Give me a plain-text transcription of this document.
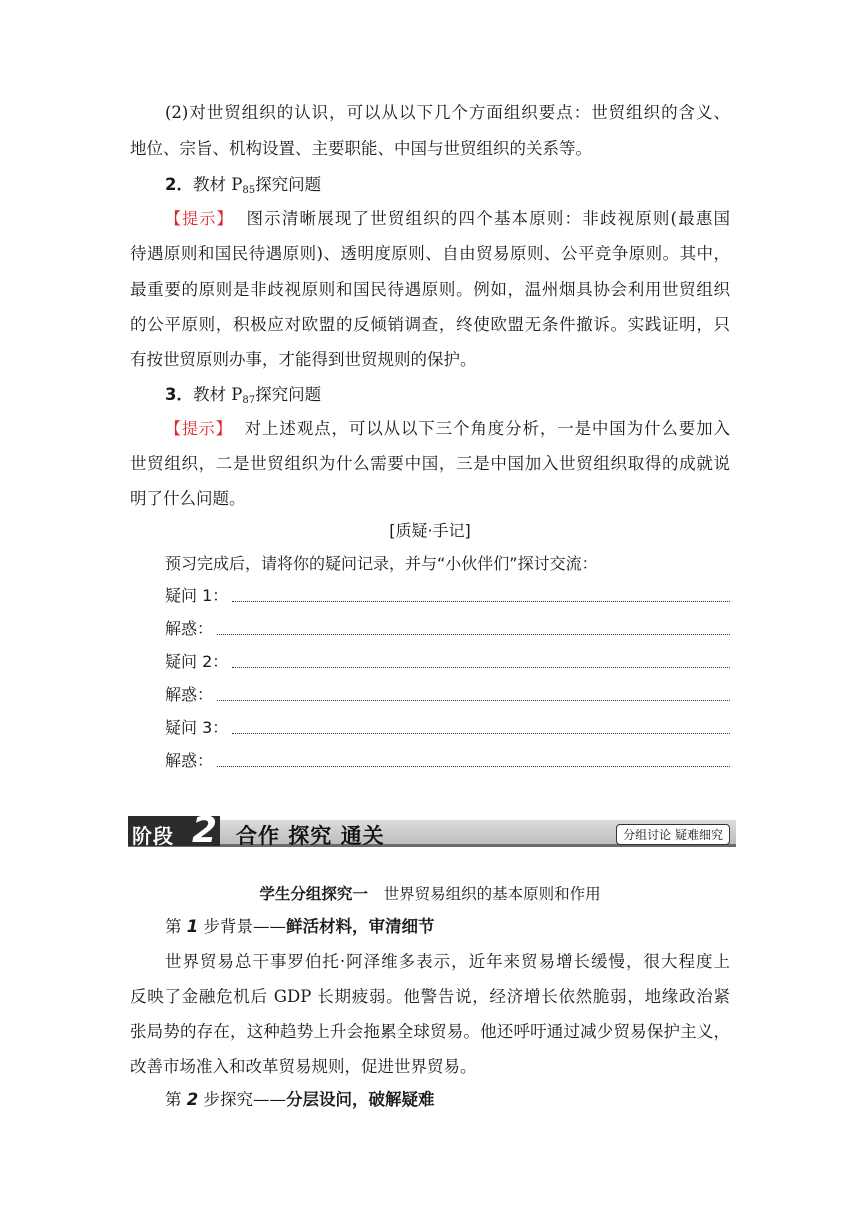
(2)对世贸组织的认识，可以从以下几个方面组织要点：世贸组织的含义、
地位、宗旨、机构设置、主要职能、中国与世贸组织的关系等。
2．教材 $P_{85}$探究问题
【提示】 图示清晰展现了世贸组织的四个基本原则：非歧视原则(最惠国
待遇原则和国民待遇原则)、透明度原则、自由贸易原则、公平竞争原则。其中，
最重要的原则是非歧视原则和国民待遇原则。例如，温州烟具协会利用世贸组织
的公平原则，积极应对欧盟的反倾销调查，终使欧盟无条件撤诉。实践证明，只
有按世贸原则办事，才能得到世贸规则的保护。
3．教材 $P_{87}$探究问题
【提示】 对上述观点，可以从以下三个角度分析，一是中国为什么要加入
世贸组织，二是世贸组织为什么需要中国，三是中国加入世贸组织取得的成就说
明了什么问题。
[质疑·手记]
预习完成后，请将你的疑问记录，并与“小伙伴们”探讨交流：
疑问 1：
解惑：
疑问 2：
解惑：
疑问 3：
解惑：
阶段 2 合作 探究 通关	分组讨论 疑难细究
学生分组探究一 世界贸易组织的基本原则和作用
第 1 步背景——鲜活材料，审清细节
世界贸易总干事罗伯托·阿泽维多表示，近年来贸易增长缓慢，很大程度上
反映了金融危机后 GDP 长期疲弱。他警告说，经济增长依然脆弱，地缘政治紧
张局势的存在，这种趋势上升会拖累全球贸易。他还呼吁通过减少贸易保护主义，
改善市场准入和改革贸易规则，促进世界贸易。
第 2 步探究——分层设问，破解疑难
